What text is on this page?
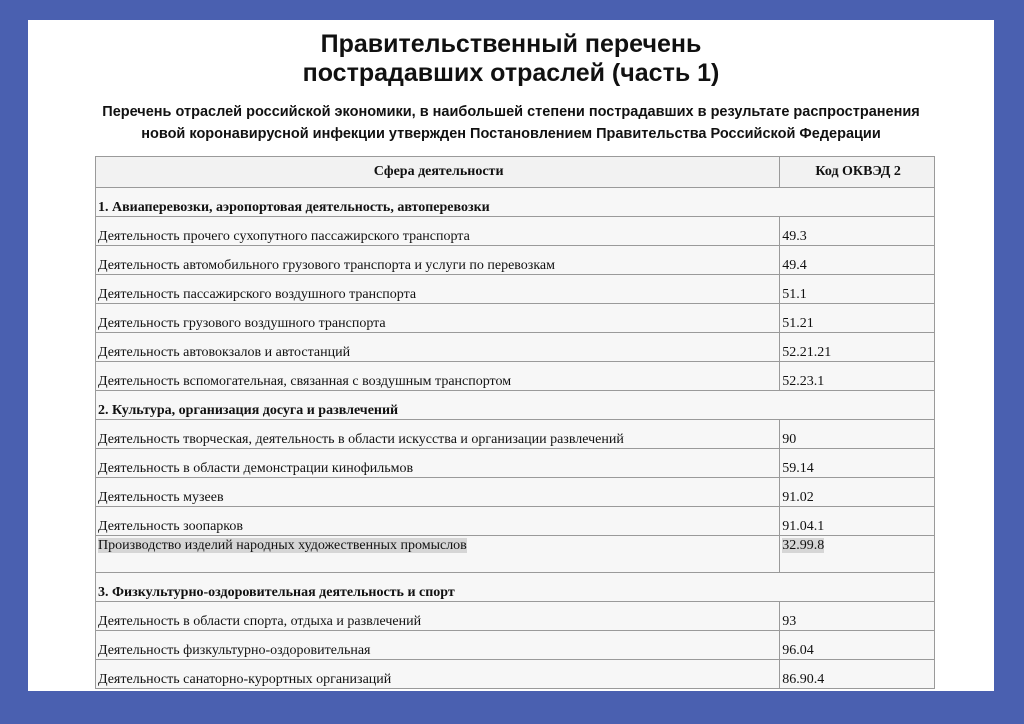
Правительственный перечень
пострадавших отраслей (часть 1)
Перечень отраслей российской экономики, в наибольшей степени пострадавших в результате распространения
новой коронавирусной инфекции утвержден Постановлением Правительства Российской Федерации
Сфера деятельности	Код ОКВЭД 2
1. Авиаперевозки, аэропортовая деятельность, автоперевозки	
Деятельность прочего сухопутного пассажирского транспорта	49.3
Деятельность автомобильного грузового транспорта и услуги по перевозкам	49.4
Деятельность пассажирского воздушного транспорта	51.1
Деятельность грузового воздушного транспорта	51.21
Деятельность автовокзалов и автостанций	52.21.21
Деятельность вспомогательная, связанная с воздушным транспортом	52.23.1
2. Культура, организация досуга и развлечений	
Деятельность творческая, деятельность в области искусства и организации развлечений	90
Деятельность в области демонстрации кинофильмов	59.14
Деятельность музеев	91.02
Деятельность зоопарков	91.04.1
Производство изделий народных художественных промыслов	32.99.8
3. Физкультурно-оздоровительная деятельность и спорт	
Деятельность в области спорта, отдыха и развлечений	93
Деятельность физкультурно-оздоровительная	96.04
Деятельность санаторно-курортных организаций	86.90.4
